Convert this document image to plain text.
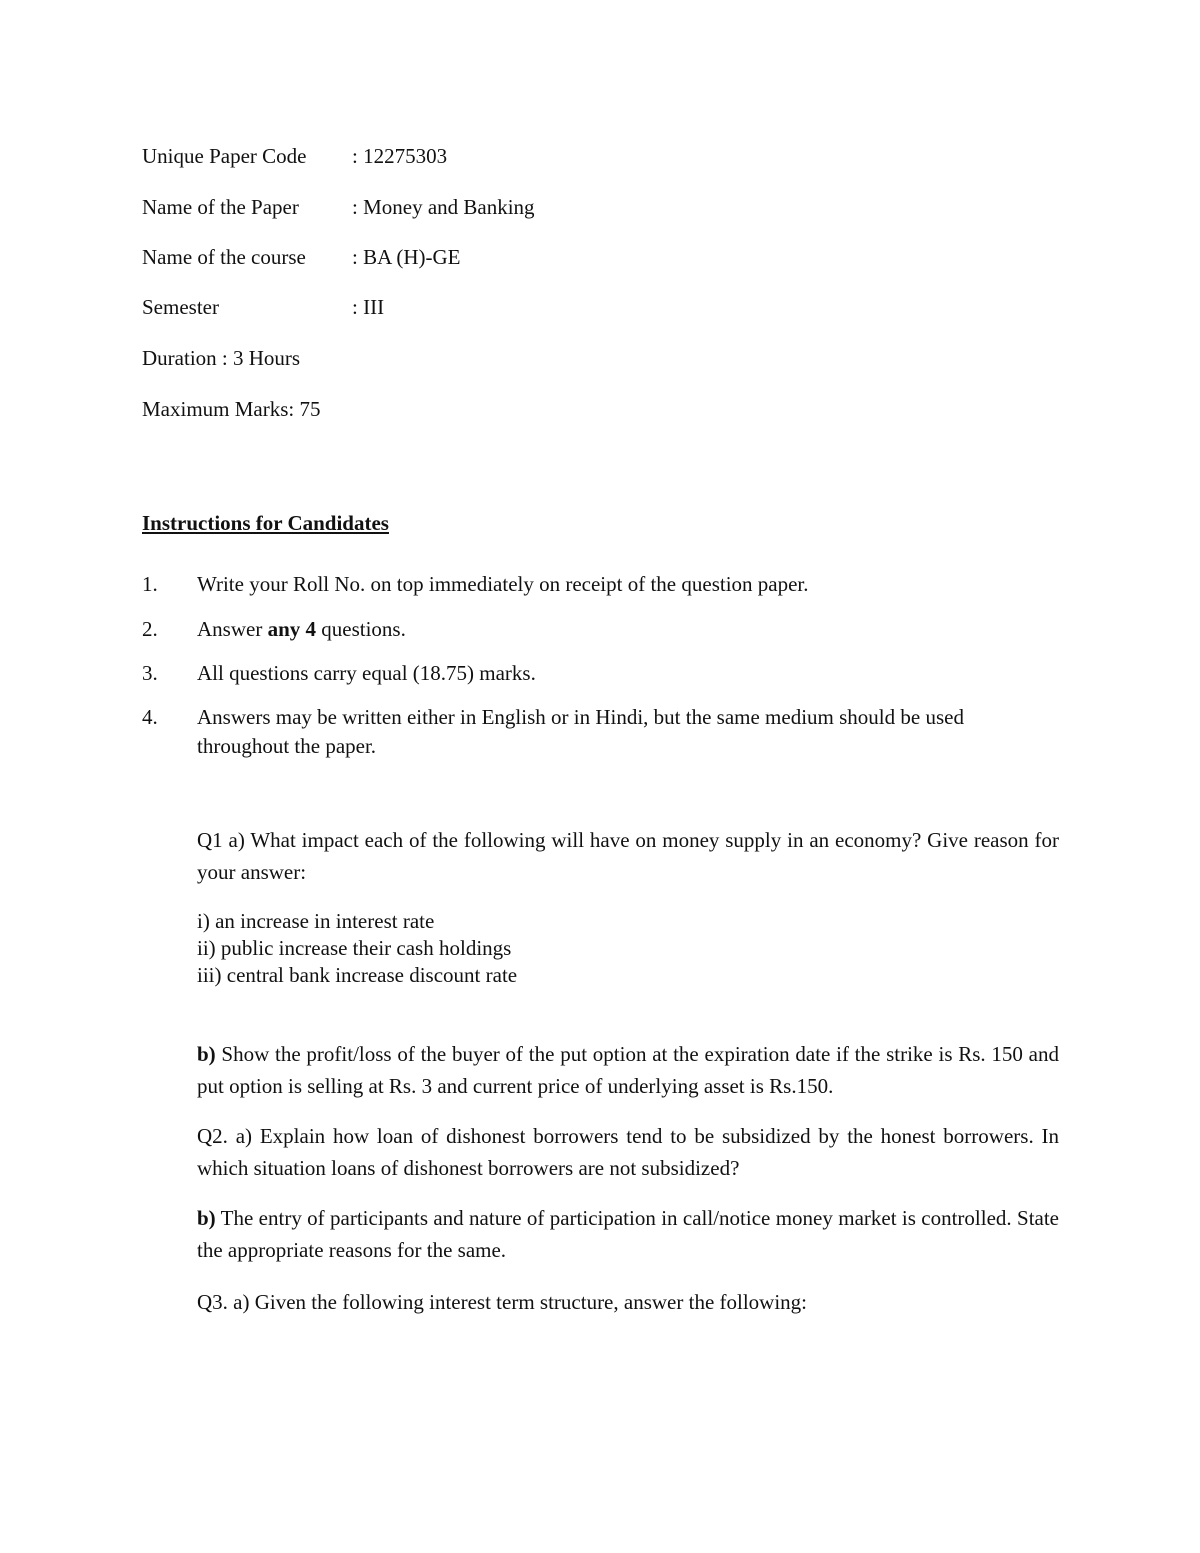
Unique Paper Code : 12275303
Name of the Paper	: Money and Banking
Name of the course : BA (H)-GE
Semester	: III
Duration : 3 Hours
Maximum Marks: 75
Instructions for Candidates
1. Write your Roll No. on top immediately on receipt of the question paper.
2. Answer any 4 questions.
3. All questions carry equal (18.75) marks.
4. Answers may be written either in English or in Hindi, but the same medium should be used throughout the paper.
Q1 a) What impact each of the following will have on money supply in an economy? Give reason for your answer:
i) an increase in interest rate
ii) public increase their cash holdings
iii) central bank increase discount rate
b) Show the profit/loss of the buyer of the put option at the expiration date if the strike is Rs. 150 and put option is selling at Rs. 3 and current price of underlying asset is Rs.150.
Q2. a) Explain how loan of dishonest borrowers tend to be subsidized by the honest borrowers. In which situation loans of dishonest borrowers are not subsidized?
b) The entry of participants and nature of participation in call/notice money market is controlled. State the appropriate reasons for the same.
Q3. a) Given the following interest term structure, answer the following:
